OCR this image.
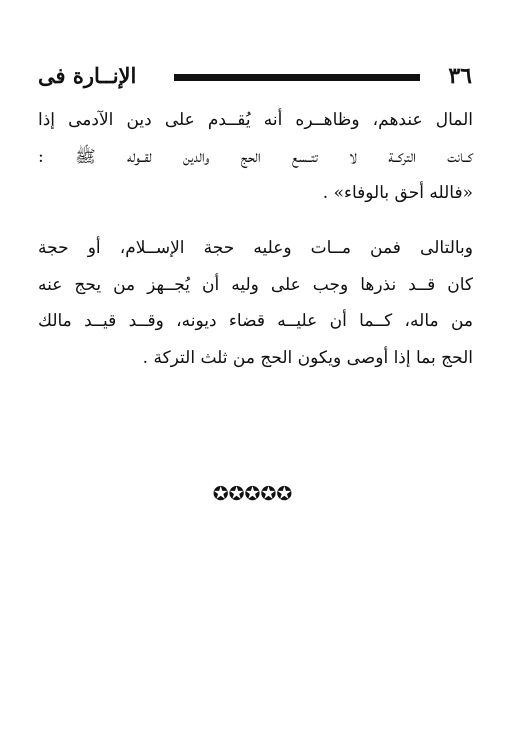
٣٦
الإنــارة فى
المال عندهم، وظاهــره أنه يُقــدم على دين الآدمى إذا
كــانت التركــة لا تتــسع الحج والدين لقــوله ﷺ :
«فالله أحق بالوفاء» .
وبالتالى فمن مــات وعليه حجة الإســلام، أو حجة
كان قــد نذرها وجب على وليه أن يُجــهز من يحج عنه
من ماله، كــما أن عليــه قضاء ديونه، وقــد قيــد مالك
الحج بما إذا أوصى ويكون الحج من ثلث التركة .
✪✪✪✪✪
